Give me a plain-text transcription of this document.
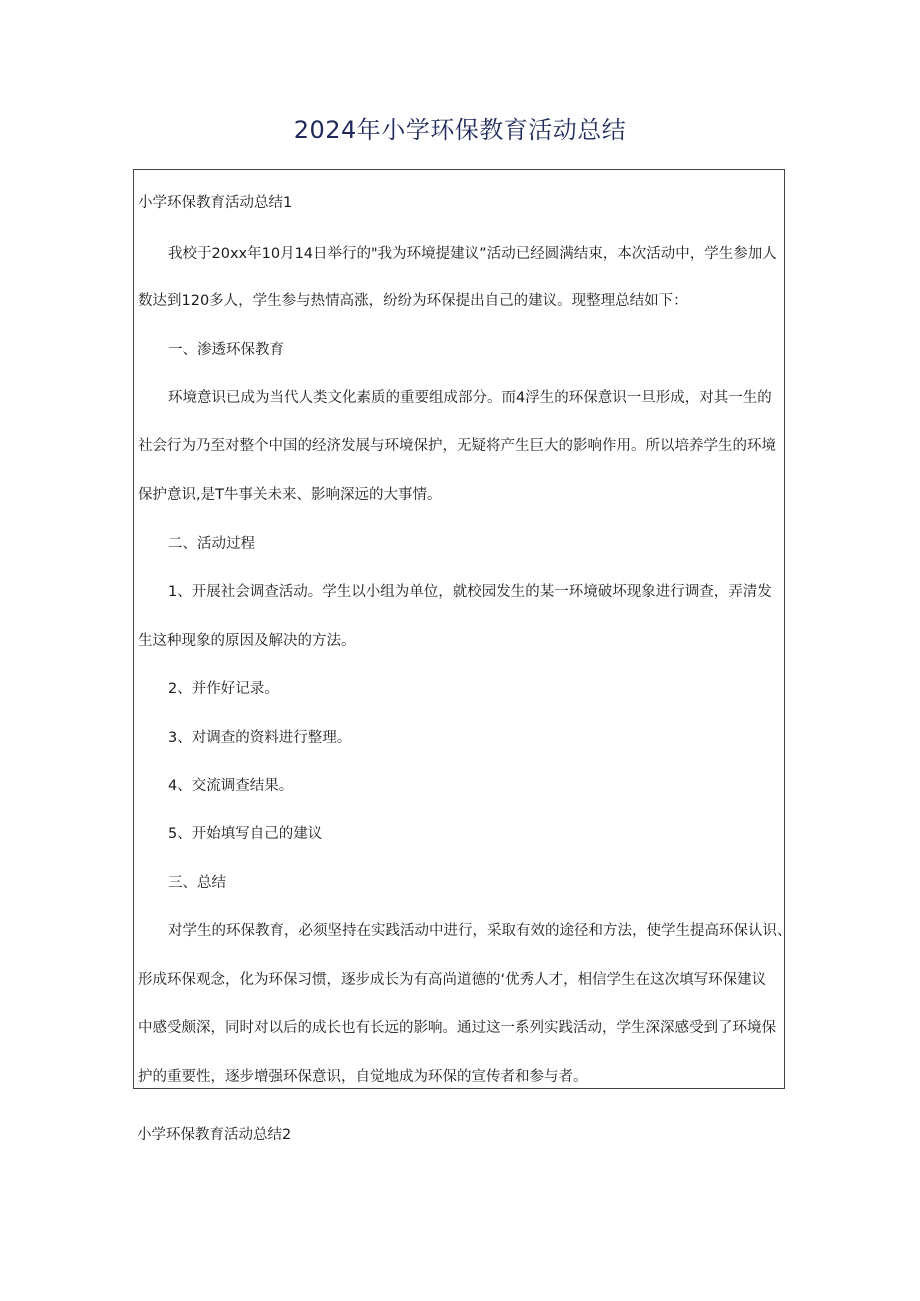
2024年小学环保教育活动总结
小学环保教育活动总结1
我校于20xx年10月14日举行的"我为环境提建议”活动已经圆满结束，本次活动中，学生参加人
数达到120多人，学生参与热情高涨，纷纷为环保提出自己的建议。现整理总结如下：
一、渗透环保教育
环境意识已成为当代人类文化素质的重要组成部分。而4浮生的环保意识一旦形成，对其一生的
社会行为乃至对整个中国的经济发展与环境保护，无疑将产生巨大的影响作用。所以培养学生的环境
保护意识,是T牛事关未来、影响深远的大事情。
二、活动过程
1、开展社会调查活动。学生以小组为单位，就校园发生的某一环境破坏现象进行调查，弄清发
生这种现象的原因及解决的方法。
2、并作好记录。
3、对调查的资料进行整理。
4、交流调查结果。
5、开始填写自己的建议
三、总结
对学生的环保教育，必须坚持在实践活动中进行，采取有效的途径和方法，使学生提高环保认识、
形成环保观念，化为环保习惯，逐步成长为有高尚道德的‘优秀人才，相信学生在这次填写环保建议
中感受颇深，同时对以后的成长也有长远的影响。通过这一系列实践活动，学生深深感受到了环境保
护的重要性，逐步增强环保意识，自觉地成为环保的宣传者和参与者。
小学环保教育活动总结2
